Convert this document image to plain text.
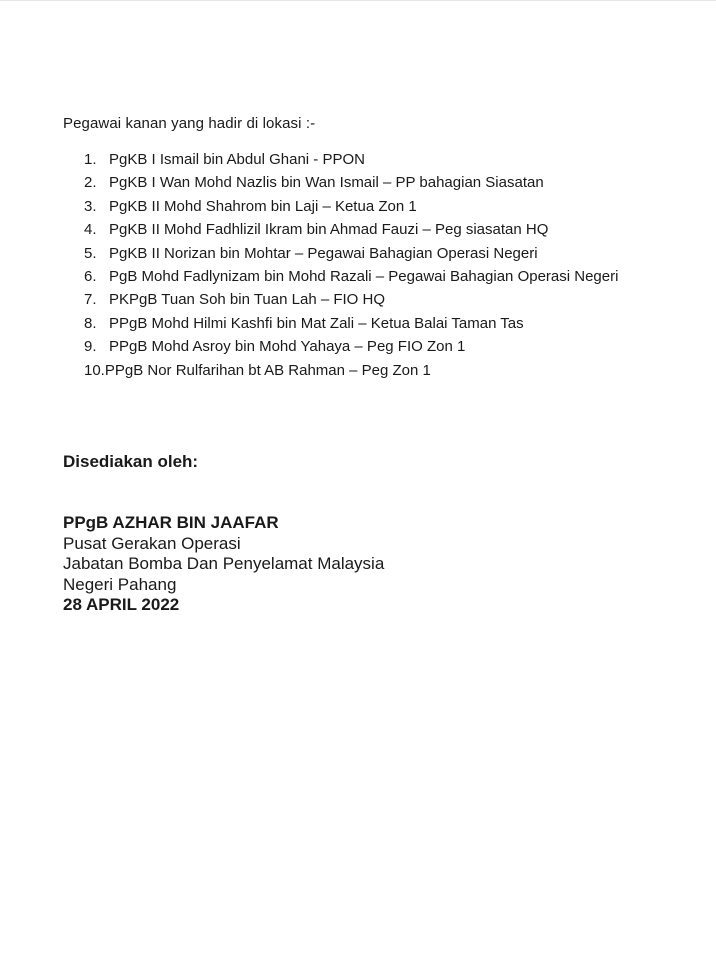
Pegawai kanan yang hadir di lokasi :-
1. PgKB I Ismail bin Abdul Ghani - PPON
2. PgKB I Wan Mohd Nazlis bin Wan Ismail – PP bahagian Siasatan
3. PgKB II Mohd Shahrom bin Laji – Ketua Zon 1
4. PgKB II Mohd Fadhlizil Ikram bin Ahmad Fauzi – Peg siasatan HQ
5. PgKB II Norizan bin Mohtar – Pegawai Bahagian Operasi Negeri
6. PgB Mohd Fadlynizam bin Mohd Razali – Pegawai Bahagian Operasi Negeri
7. PKPgB Tuan Soh bin Tuan Lah – FIO HQ
8. PPgB Mohd Hilmi Kashfi bin Mat Zali – Ketua Balai Taman Tas
9. PPgB Mohd Asroy bin Mohd Yahaya – Peg FIO Zon 1
10. PPgB Nor Rulfarihan bt AB Rahman – Peg Zon 1
Disediakan oleh:
PPgB AZHAR BIN JAAFAR
Pusat Gerakan Operasi
Jabatan Bomba Dan Penyelamat Malaysia
Negeri Pahang
28 APRIL 2022
